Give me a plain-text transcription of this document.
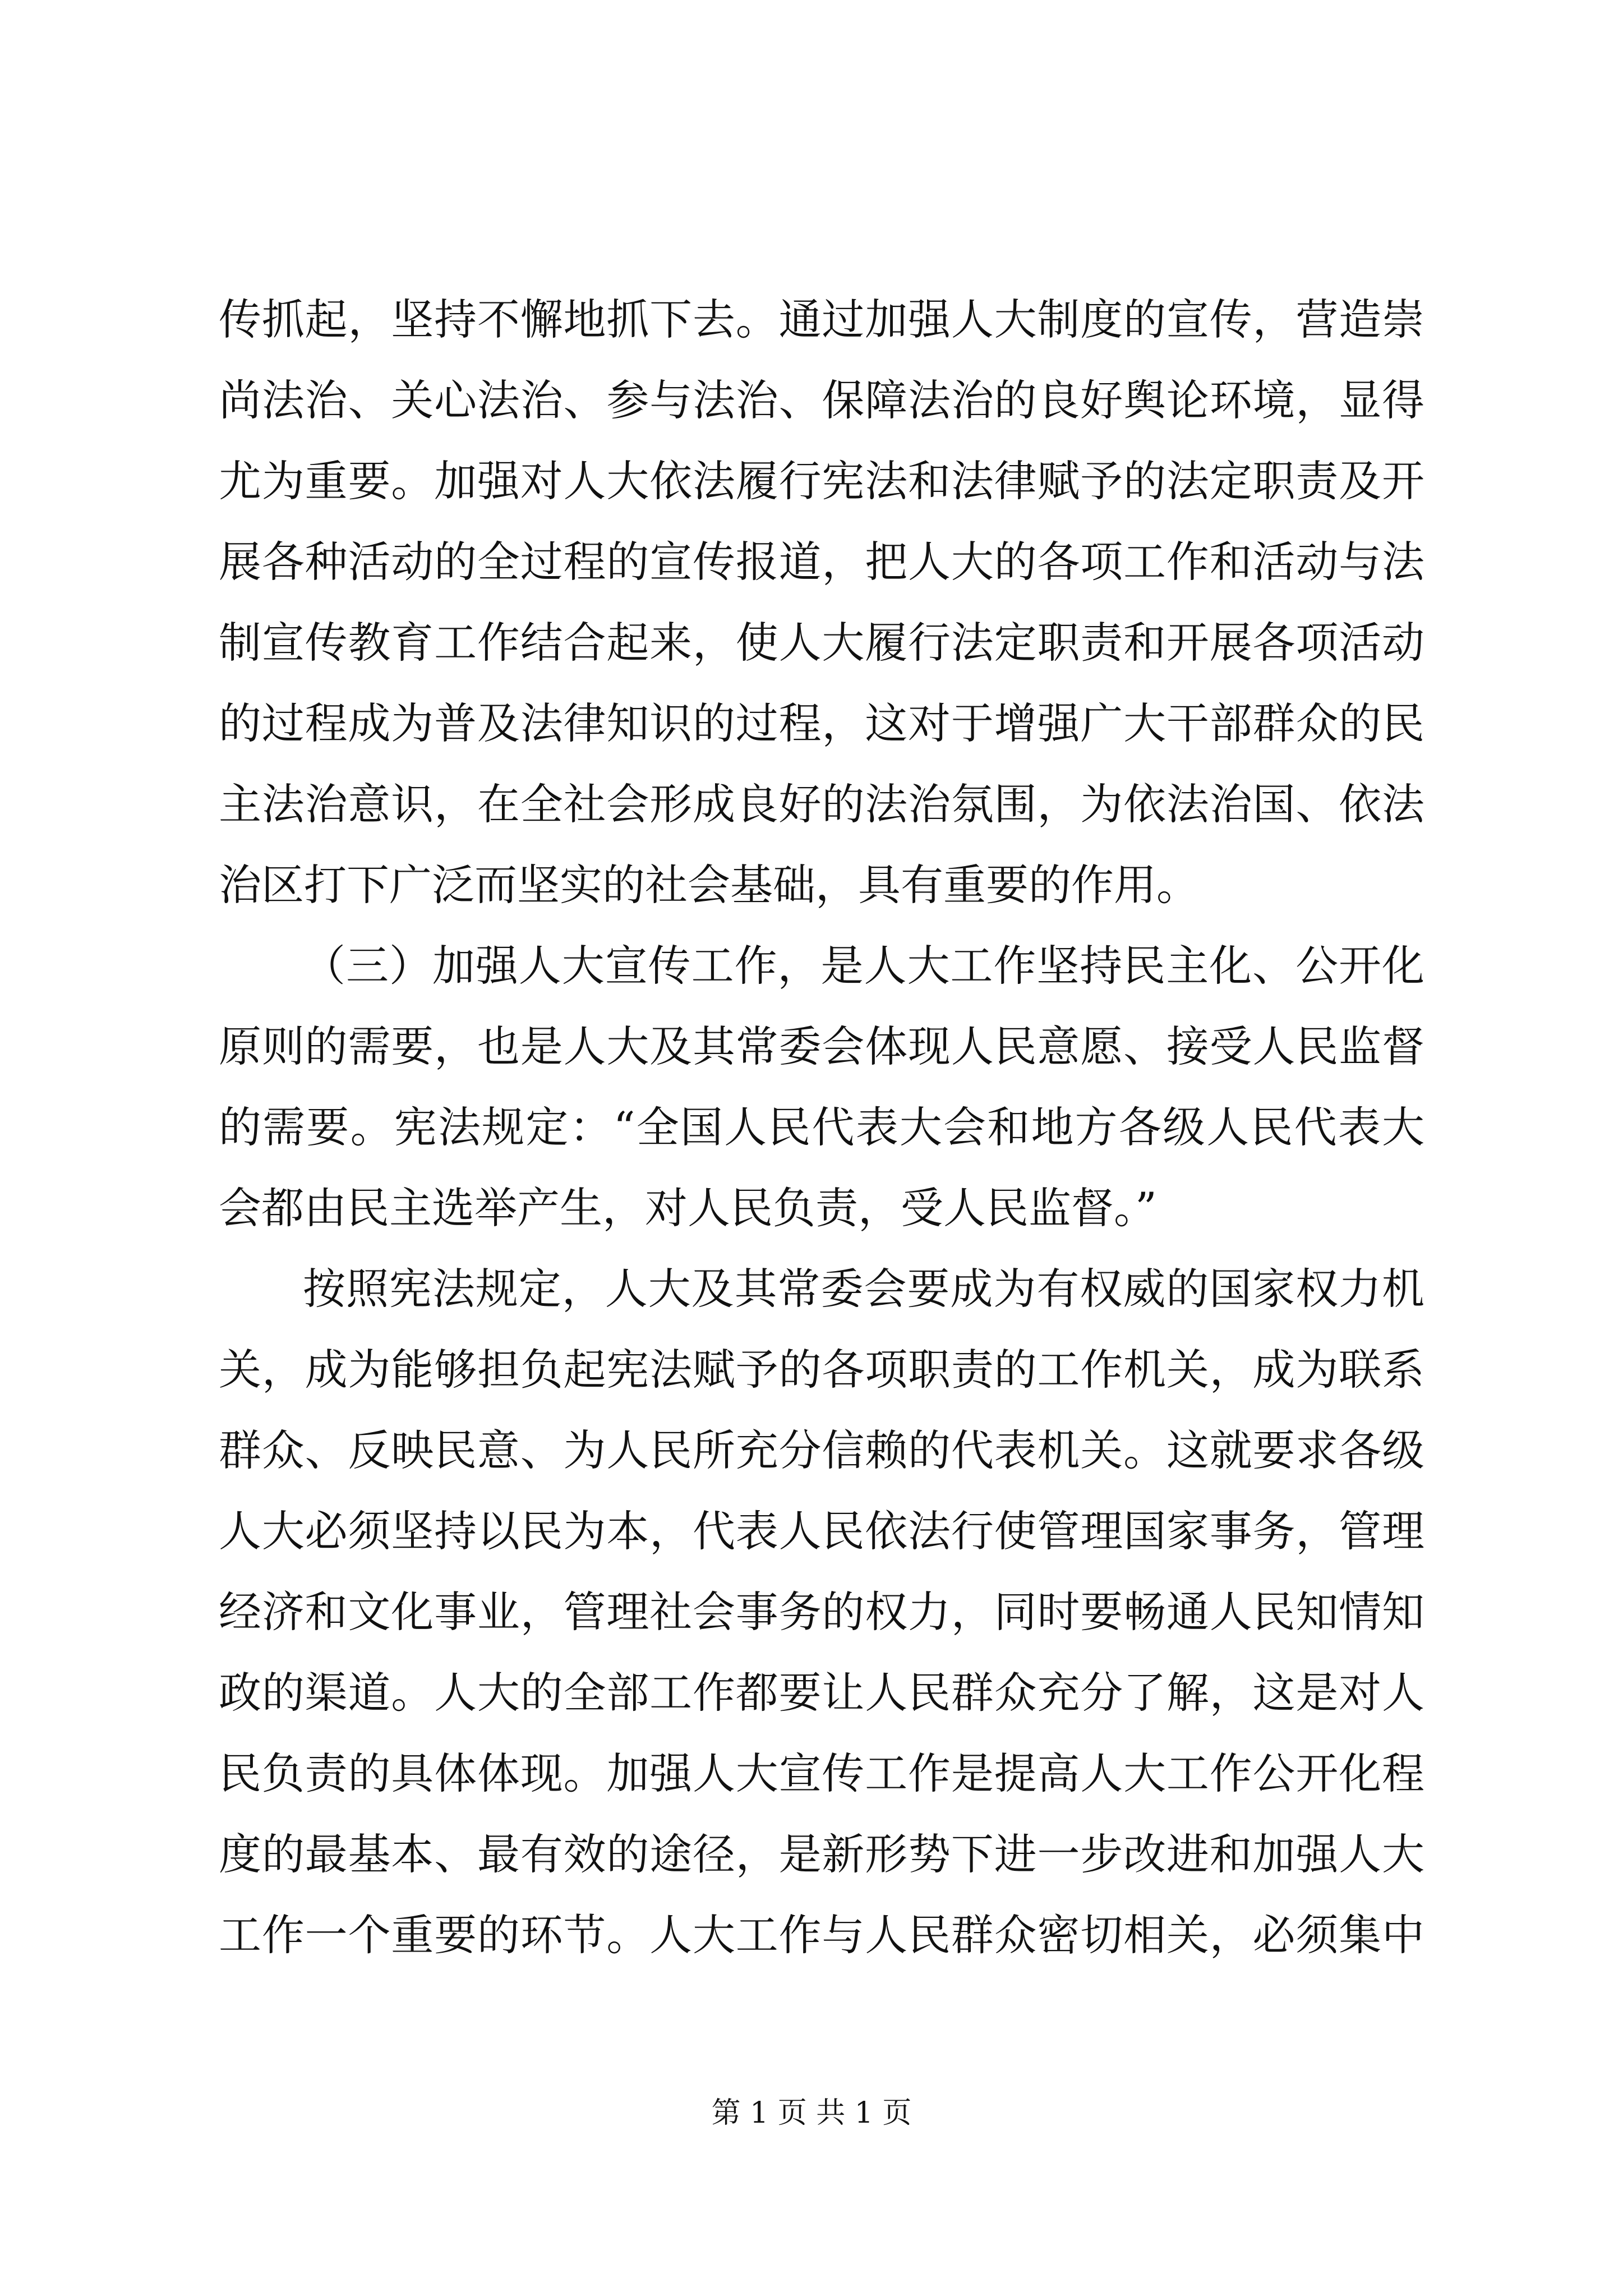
传抓起，坚持不懈地抓下去。通过加强人大制度的宣传，营造崇
尚法治、关心法治、参与法治、保障法治的良好舆论环境，显得
尤为重要。加强对人大依法履行宪法和法律赋予的法定职责及开
展各种活动的全过程的宣传报道，把人大的各项工作和活动与法
制宣传教育工作结合起来，使人大履行法定职责和开展各项活动
的过程成为普及法律知识的过程，这对于增强广大干部群众的民
主法治意识，在全社会形成良好的法治氛围，为依法治国、依法
治区打下广泛而坚实的社会基础，具有重要的作用。
（三）加强人大宣传工作，是人大工作坚持民主化、公开化
原则的需要，也是人大及其常委会体现人民意愿、接受人民监督
的需要。宪法规定：“全国人民代表大会和地方各级人民代表大
会都由民主选举产生，对人民负责，受人民监督。”
按照宪法规定，人大及其常委会要成为有权威的国家权力机
关，成为能够担负起宪法赋予的各项职责的工作机关，成为联系
群众、反映民意、为人民所充分信赖的代表机关。这就要求各级
人大必须坚持以民为本，代表人民依法行使管理国家事务，管理
经济和文化事业，管理社会事务的权力，同时要畅通人民知情知
政的渠道。人大的全部工作都要让人民群众充分了解，这是对人
民负责的具体体现。加强人大宣传工作是提高人大工作公开化程
度的最基本、最有效的途径，是新形势下进一步改进和加强人大
工作一个重要的环节。人大工作与人民群众密切相关，必须集中
第 1 页 共 1 页
